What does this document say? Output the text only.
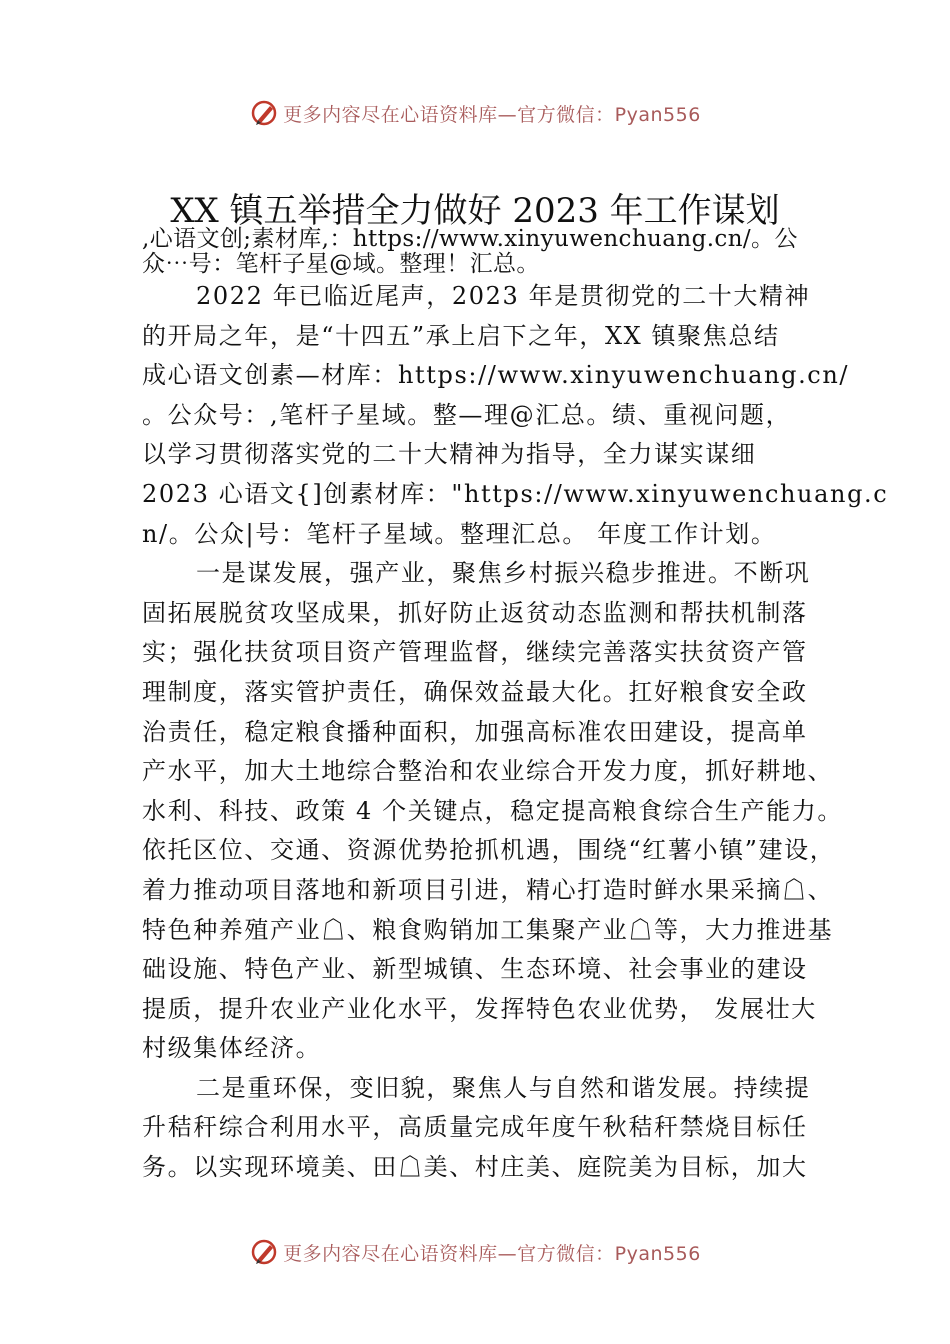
更多内容尽在心语资料库—官方微信：Pyan556
XX 镇五举措全力做好 2023 年工作谋划
,心语文创;素材库,：https://www.xinyuwenchuang.cn/。公
众⋯号：笔杆子星@域。整理！汇总。
2022 年已临近尾声，2023 年是贯彻党的二十大精神
的开局之年，是“十四五”承上启下之年，XX 镇聚焦总结
成心语文创素—材库：https://www.xinyuwenchuang.cn/
。公众号：,笔杆子星域。整—理@汇总。绩、重视问题，
以学习贯彻落实党的二十大精神为指导，全力谋实谋细
2023 心语文{]创素材库："https://www.xinyuwenchuang.c
n/。公众|号：笔杆子星域。整理汇总。 年度工作计划。
一是谋发展，强产业，聚焦乡村振兴稳步推进。不断巩
固拓展脱贫攻坚成果，抓好防止返贫动态监测和帮扶机制落
实；强化扶贫项目资产管理监督，继续完善落实扶贫资产管
理制度，落实管护责任，确保效益最大化。扛好粮食安全政
治责任，稳定粮食播种面积，加强高标准农田建设，提高单
产水平，加大土地综合整治和农业综合开发力度，抓好耕地、
水利、科技、政策 4 个关键点，稳定提高粮食综合生产能力。
依托区位、交通、资源优势抢抓机遇，围绕“红薯小镇”建设，
着力推动项目落地和新项目引进，精心打造时鲜水果采摘☖、
特色种养殖产业☖、粮食购销加工集聚产业☖等，大力推进基
础设施、特色产业、新型城镇、生态环境、社会事业的建设
提质，提升农业产业化水平，发挥特色农业优势， 发展壮大
村级集体经济。
二是重环保，变旧貌，聚焦人与自然和谐发展。持续提
升秸秆综合利用水平，高质量完成年度午秋秸秆禁烧目标任
务。以实现环境美、田☖美、村庄美、庭院美为目标，加大
更多内容尽在心语资料库—官方微信：Pyan556
